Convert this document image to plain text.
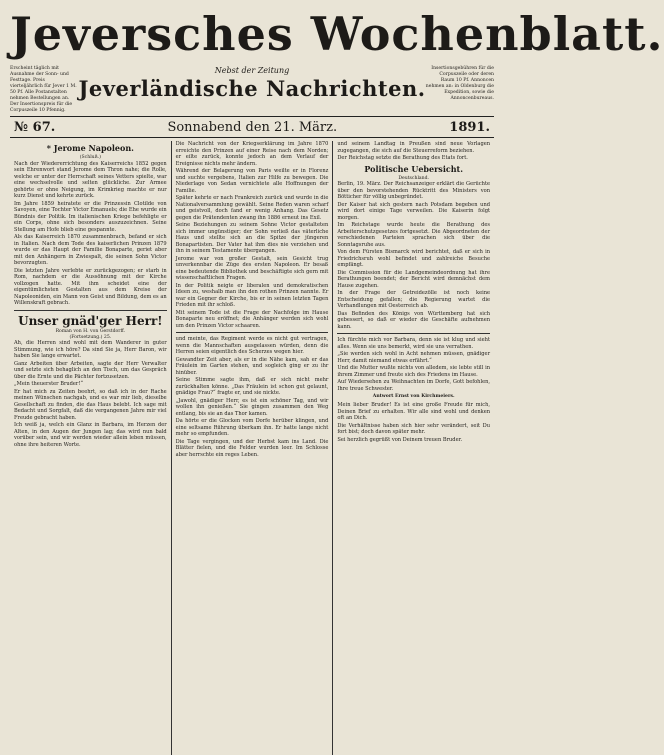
Jeversches Wochenblatt.
Erscheint täglich mit Ausnahme der Sonn- und Festtage. Preis vierteljährlich für Jever 1 M. 50 Pf. Alle Postanstalten nehmen Bestellungen an. Der Insertionspreis für die Corpuszeile 10 Pfennig.
Nebst der Zeitung
Jeverländische Nachrichten.
Insertionsgebühren für die Corpuszeile oder deren Raum 10 Pf. Annoncen nehmen an: in Oldenburg die Expedition, sowie die Annoncenbureaus.
№ 67.	Sonnabend den 21. März.	1891.
* Jerome Napoleon.
(Schluß.)
Nach der Wiedererrichtung des Kaiserreichs 1852 gegen sein Ehrenwort stand Jerome dem Thron nahe; die Rolle, welche er unter der Herrschaft seines Vetters spielte, war eine wechselvolle und selten glückliche. Zur Armee gehörte er ohne Neigung, im Krimkrieg machte er nur kurz Dienst und kehrte zurück.
Im Jahre 1859 heiratete er die Prinzessin Clotilde von Savoyen, eine Tochter Victor Emanuels; die Ehe wurde ein Bündnis der Politik. Im italienischen Kriege befehligte er ein Corps, ohne sich besonders auszuzeichnen. Seine Stellung am Hofe blieb eine gespannte.
Als das Kaiserreich 1870 zusammenbrach, befand er sich in Italien. Nach dem Tode des kaiserlichen Prinzen 1879 wurde er das Haupt der Familie Bonaparte, geriet aber mit den Anhängern in Zwiespalt, die seinen Sohn Victor bevorzugten.
Die letzten Jahre verlebte er zurückgezogen; er starb in Rom, nachdem er die Aussöhnung mit der Kirche vollzogen hatte. Mit ihm scheidet eine der eigentümlichsten Gestalten aus dem Kreise der Napoleoniden, ein Mann von Geist und Bildung, dem es an Willenskraft gebrach.
Unser gnäd'ger Herr!
Roman von H. von Gerstdorff.
(Fortsetzung.) 25.
Ah, die Herren sind wohl mit dem Wanderer in guter Stimmung, wie ich höre? Da sind Sie ja, Herr Baron, wir haben Sie lange erwartet.
Ganz Arbeiten über Arbeiten, sagte der Herr Verwalter und setzte sich behaglich an den Tisch, um das Gespräch über die Ernte und die Pächter fortzusetzen.
„Mein theuerster Bruder!“
Er hat mich zu Zeiten beehrt, so daß ich in der Rache meinen Wünschen nachgab, und es war mir lieb, dieselbe Gesellschaft zu finden, die das Haus belebt. Ich sage mit Bedacht und Sorgfalt, daß die vergangenen Jahre mir viel Freude gebracht haben.
Ich weiß ja, welch ein Glanz in Barbara, im Herzen der Alten, in den Augen der Jungen lag; das wird nun bald vorüber sein, und wir werden wieder allein leben müssen, ohne ihre heiteren Worte.
Die Nachricht von der Kriegserklärung im Jahre 1870 erreichte den Prinzen auf einer Reise nach dem Norden; er eilte zurück, konnte jedoch an dem Verlauf der Ereignisse nichts mehr ändern.
Während der Belagerung von Paris weilte er in Florenz und suchte vergebens, Italien zur Hilfe zu bewegen. Die Niederlage von Sedan vernichtete alle Hoffnungen der Familie.
Später kehrte er nach Frankreich zurück und wurde in die Nationalversammlung gewählt. Seine Reden waren scharf und geistvoll, doch fand er wenig Anhang. Das Gesetz gegen die Prätendenten zwang ihn 1886 erneut ins Exil.
Seine Beziehungen zu seinem Sohne Victor gestalteten sich immer ungünstiger; der Sohn verließ das väterliche Haus und stellte sich an die Spitze der jüngeren Bonapartisten. Der Vater hat ihm dies nie verziehen und ihn in seinem Testamente übergangen.
Jerome war von großer Gestalt, sein Gesicht trug unverkennbar die Züge des ersten Napoleon. Er besaß eine bedeutende Bibliothek und beschäftigte sich gern mit wissenschaftlichen Fragen.
In der Politik neigte er liberalen und demokratischen Ideen zu, weshalb man ihn den rothen Prinzen nannte. Er war ein Gegner der Kirche, bis er in seinen letzten Tagen Frieden mit ihr schloß.
Mit seinem Tode ist die Frage der Nachfolge im Hause Bonaparte neu eröffnet; die Anhänger werden sich wohl um den Prinzen Victor schaaren.
und meinte, das Regiment werde es nicht gut vertragen, wenn die Mannschaften ausgelassen würden, denn die Herren seien eigentlich des Scherzes wegen hier.
Gewandter Zeit aber, als er in die Nähe kam, sah er das Fräulein im Garten stehen, und sogleich ging er zu ihr hinüber.
Seine Stimme sagte ihm, daß er sich nicht mehr zurückhalten könne. „Das Fräulein ist schon gut gelaunt, gnädige Frau?“ fragte er, und sie nickte.
„Jawohl, gnädiger Herr, es ist ein schöner Tag, und wir wollen ihn genießen.“ Sie gingen zusammen den Weg entlang, bis sie an das Thor kamen.
Da hörte er die Glocken vom Dorfe herüber klingen, und eine seltsame Rührung überkam ihn. Er hatte lange nicht mehr so empfunden.
Die Tage vergingen, und der Herbst kam ins Land. Die Blätter fielen, und die Felder wurden leer. Im Schlosse aber herrschte ein reges Leben.
und seinem Landtag in Preußen sind neue Vorlagen zugegangen, die sich auf die Steuerreform beziehen.
Der Reichstag setzte die Berathung des Etats fort.
Politische Uebersicht.
Deutschland.
Berlin, 19. März. Der Reichsanzeiger erklärt die Gerüchte über den bevorstehenden Rücktritt des Ministers von Bötticher für völlig unbegründet.
Der Kaiser hat sich gestern nach Potsdam begeben und wird dort einige Tage verweilen. Die Kaiserin folgt morgen.
Im Reichstage wurde heute die Berathung des Arbeiterschutzgesetzes fortgesetzt. Die Abgeordneten der verschiedenen Parteien sprachen sich über die Sonntagsruhe aus.
Von dem Fürsten Bismarck wird berichtet, daß er sich in Friedrichsruh wohl befindet und zahlreiche Besuche empfängt.
Die Commission für die Landgemeindeordnung hat ihre Berathungen beendet; der Bericht wird demnächst dem Hause zugehen.
In der Frage der Getreidezölle ist noch keine Entscheidung gefallen; die Regierung wartet die Verhandlungen mit Oesterreich ab.
Das Befinden des Königs von Württemberg hat sich gebessert, so daß er wieder die Geschäfte aufnehmen kann.
Ich fürchte mich vor Barbara, denn sie ist klug und sieht alles. Wenn sie uns bemerkt, wird sie uns verrathen.
„Sie werden sich wohl in Acht nehmen müssen, gnädiger Herr, damit niemand etwas erfährt.“
Und die Mutter wußte nichts von alledem, sie lebte still in ihrem Zimmer und freute sich des Friedens im Hause.
Auf Wiedersehen zu Weihnachten im Dorfe, Gott befohlen, Ihre treue Schwester.
Antwort Ernst von Kirchmeiers.
Mein lieber Bruder! Es ist eine große Freude für mich, Deinen Brief zu erhalten. Wir alle sind wohl und denken oft an Dich.
Die Verhältnisse haben sich hier sehr verändert, seit Du fort bist; doch davon später mehr.
Sei herzlich gegrüßt von Deinem treuen Bruder.
